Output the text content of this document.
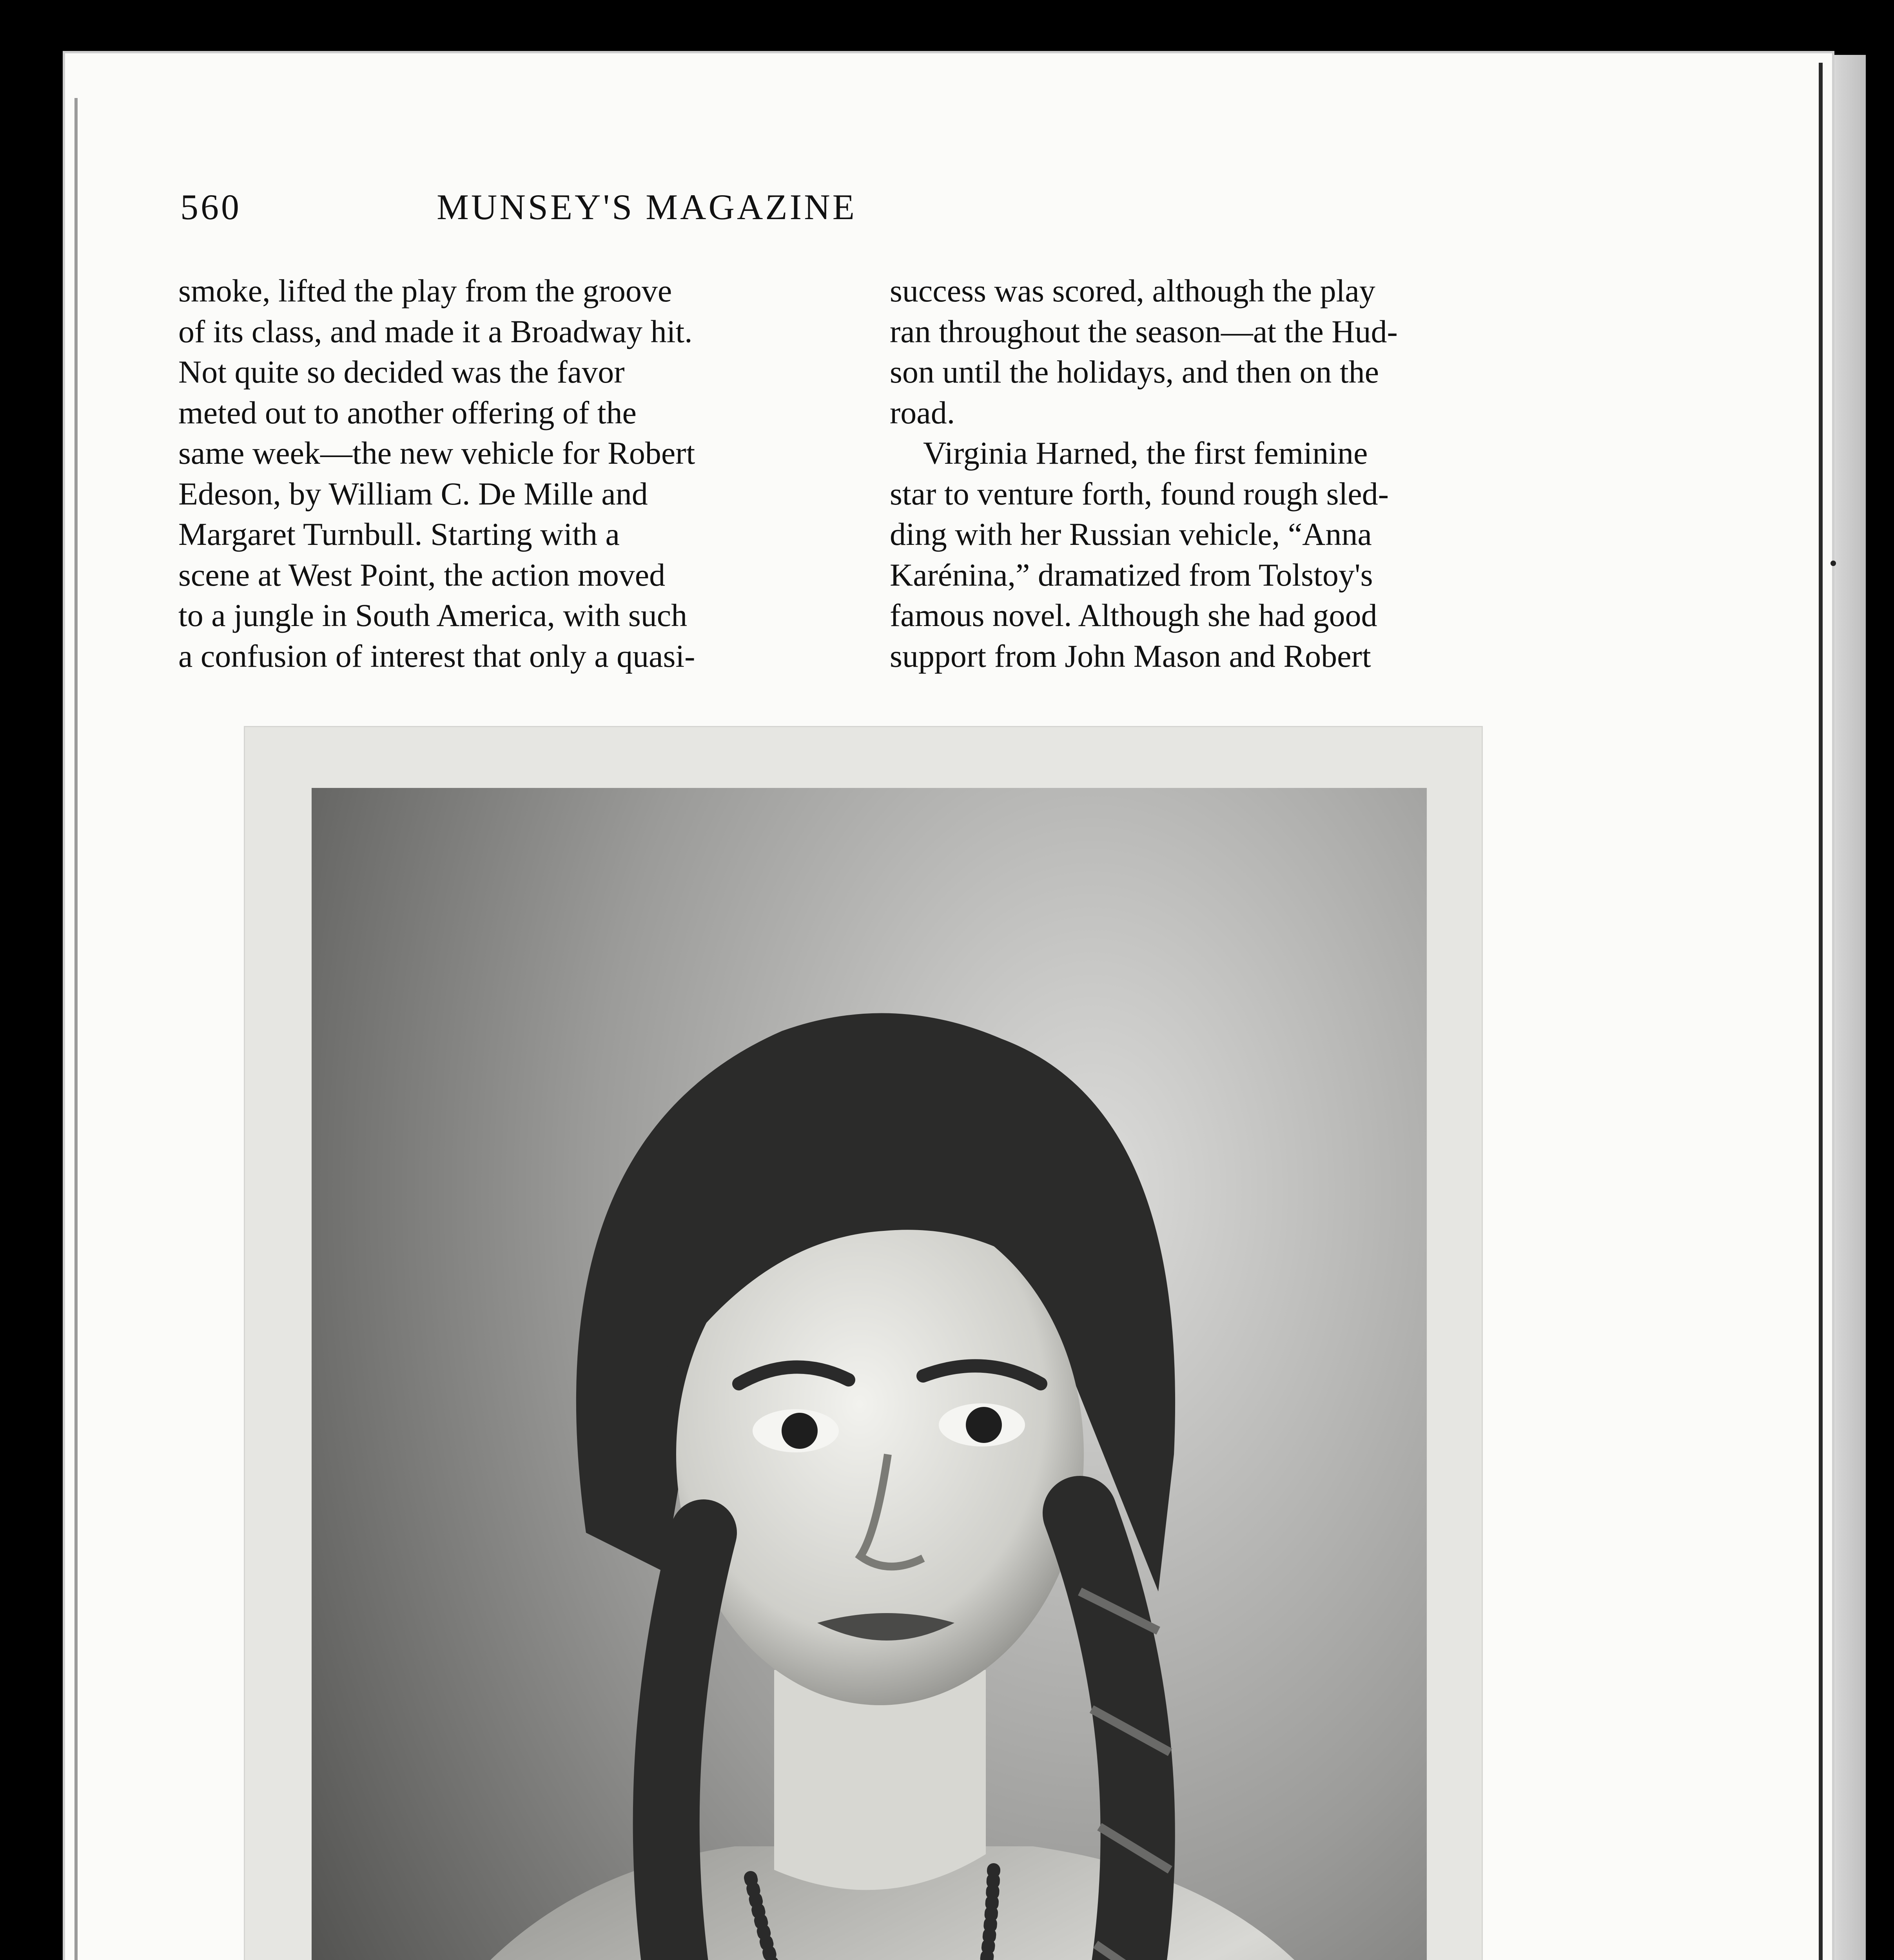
560	MUNSEY'S MAGAZINE
smoke, lifted the play from the groove
of its class, and made it a Broadway hit.
Not quite so decided was the favor
meted out to another offering of the
same week—the new vehicle for Robert
Edeson, by William C. De Mille and
Margaret Turnbull. Starting with a
scene at West Point, the action moved
to a jungle in South America, with such
a confusion of interest that only a quasi-
success was scored, although the play
ran throughout the season—at the Hud-
son until the holidays, and then on the
road.
Virginia Harned, the first feminine
star to venture forth, found rough sled-
ding with her Russian vehicle, “Anna
Karénina,” dramatized from Tolstoy's
famous novel. Although she had good
support from John Mason and Robert
